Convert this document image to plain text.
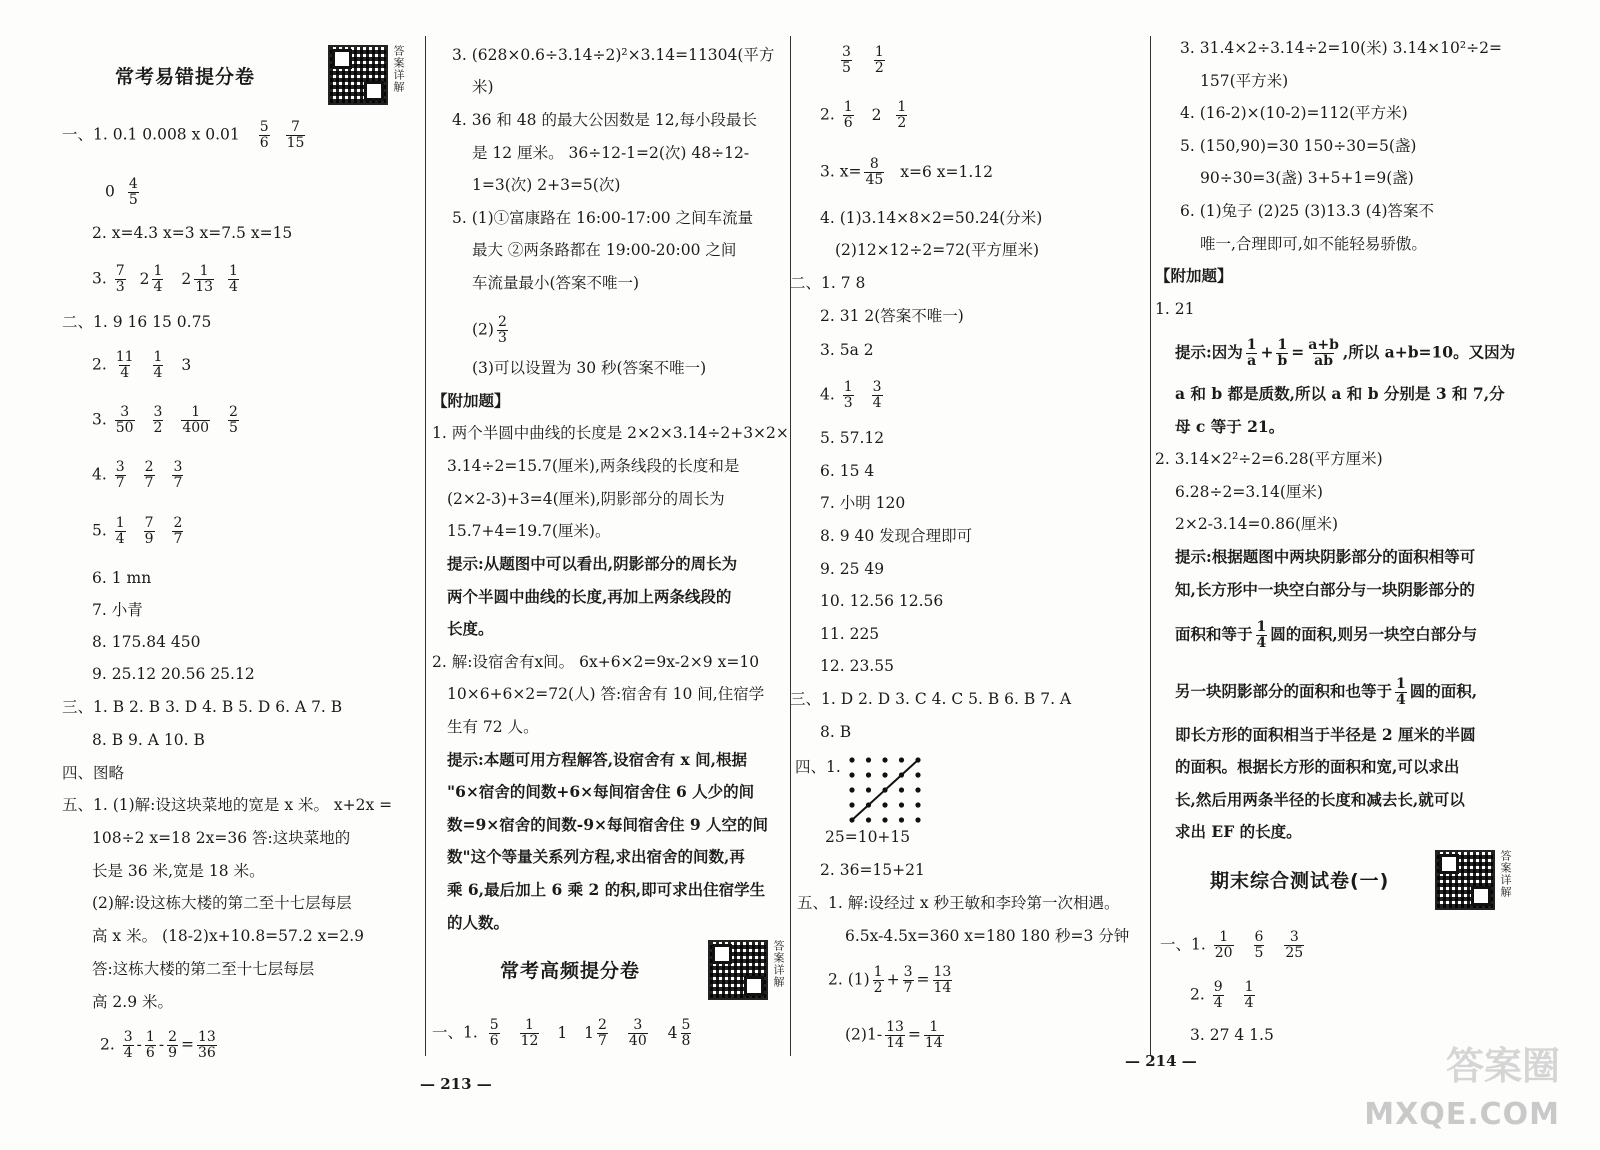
常考易错提分卷	答案详解
一、1. 0.1 0.008 x $0.01 \frac{5}{6}$
$\frac{7}{15}$
$0 \frac{4}{5}$
2. x=4.3 x=3 x=7.5 x=15
3. $\frac{7}{3} 2 \frac{1}{4} 2 \frac{1}{13}$
$\frac{1}{4}$
二、1. 9 16 15 0.75
2. $\frac{11}{4}$
$\frac{1}{4} 3$
3. $\frac{3}{50}$
$\frac{3}{2}$
$\frac{1}{400}$
$\frac{2}{5}$
4. $\frac{3}{7}$
$\frac{2}{7}$
$\frac{3}{7}$
5. $\frac{1}{4}$
$\frac{7}{9}$
$\frac{2}{7}$
6. 1 mn
7. 小青
8. 175.84 450
9. 25.12 20.56 25.12
三、1. B 2. B 3. D 4. B 5. D 6. A 7. B
8. B 9. A 10. B
四、图略
五、1. (1)解:设这块菜地的宽是 x 米。 x+2x =
108÷2 x=18 2x=36 答:这块菜地的
长是 36 米,宽是 18 米。
(2)解:设这栋大楼的第二至十七层每层
高 x 米。 (18-2)x+10.8=57.2 x=2.9
答:这栋大楼的第二至十七层每层
高 2.9 米。
2. $\frac{3}{4} - \frac{1}{6} - \frac{2}{9} = \frac{13}{36}$
— 213 —
3. (628×0.6÷3.14÷2)²×3.14=11304(平方
米)
4. 36 和 48 的最大公因数是 12,每小段最长
是 12 厘米。 36÷12-1=2(次) 48÷12-
1=3(次) 2+3=5(次)
5. (1)①富康路在 16:00-17:00 之间车流量
最大 ②两条路都在 19:00-20:00 之间
车流量最小(答案不唯一)
$(2) \frac{2}{3}$
(3)可以设置为 30 秒(答案不唯一)
【附加题】
1. 两个半圆中曲线的长度是 2×2×3.14÷2+3×2×
3.14÷2=15.7(厘米),两条线段的长度和是
(2×2-3)+3=4(厘米),阴影部分的周长为
15.7+4=19.7(厘米)。
提示:从题图中可以看出,阴影部分的周长为
两个半圆中曲线的长度,再加上两条线段的
长度。
2. 解:设宿舍有x间。 6x+6×2=9x-2×9 x=10
10×6+6×2=72(人) 答:宿舍有 10 间,住宿学
生有 72 人。
提示:本题可用方程解答,设宿舍有 x 间,根据
"6×宿舍的间数+6×每间宿舍住 6 人少的间
数=9×宿舍的间数-9×每间宿舍住 9 人空的间
数"这个等量关系列方程,求出宿舍的间数,再
乘 6,最后加上 6 乘 2 的积,即可求出住宿学生
的人数。
常考高频提分卷	答案详解
一、1. $\frac{5}{6}$
$\frac{1}{12} 1$ $1 \frac{2}{7}$
$\frac{3}{40} 4 \frac{5}{8}$
$\frac{3}{5}$
$\frac{1}{2}$
2. $\frac{1}{6} 2 \frac{1}{2}$
3. $x= \frac{8}{45} x=6$ x=1.12
4. (1)3.14×8×2=50.24(分米)
(2)12×12÷2=72(平方厘米)
二、1. 7 8
2. 31 2(答案不唯一)
3. 5a 2
4. $\frac{1}{3}$
$\frac{3}{4}$
5. 57.12
6. 15 4
7. 小明 120
8. 9 40 发现合理即可
9. 25 49
10. 12.56 12.56
11. 225
12. 23.55
三、1. D 2. D 3. C 4. C 5. B 6. B 7. A
8. B
四、1.
25=10+15
2. 36=15+21
五、1. 解:设经过 x 秒王敏和李玲第一次相遇。
6.5x-4.5x=360 x=180 180 秒=3 分钟
2. $(1) \frac{1}{2} + \frac{3}{7} = \frac{13}{14}$
$(2)1- \frac{13}{14} = \frac{1}{14}$
— 214 —
3. 31.4×2÷3.14÷2=10(米) 3.14×10²÷2=
157(平方米)
4. (16-2)×(10-2)=112(平方米)
5. (150,90)=30 150÷30=5(盏)
90÷30=3(盏) 3+5+1=9(盏)
6. (1)兔子 (2)25 (3)13.3 (4)答案不
唯一,合理即可,如不能轻易骄傲。
【附加题】
1. 21
提示:因为 $\frac{1}{a} + \frac{1}{b} = \frac{a+b}{ab}$ ,所以 a+b=10。又因为
a 和 b 都是质数,所以 a 和 b 分别是 3 和 7,分
母 c 等于 21。
2. 3.14×2²÷2=6.28(平方厘米)
6.28÷2=3.14(厘米)
2×2-3.14=0.86(厘米)
提示:根据题图中两块阴影部分的面积相等可
知,长方形中一块空白部分与一块阴影部分的
面积和等于 $\frac{1}{4}$ 圆的面积,则另一块空白部分与
另一块阴影部分的面积和也等于 $\frac{1}{4}$ 圆的面积,
即长方形的面积相当于半径是 2 厘米的半圆
的面积。根据长方形的面积和宽,可以求出
长,然后用两条半径的长度和减去长,就可以
求出 EF 的长度。
期末综合测试卷(一)	答案详解
一、1. $\frac{1}{20}$
$\frac{6}{5}$
$\frac{3}{25}$
2. $\frac{9}{4}$
$\frac{1}{4}$
3. 27 4 1.5
答案圈
MXQE.COM
